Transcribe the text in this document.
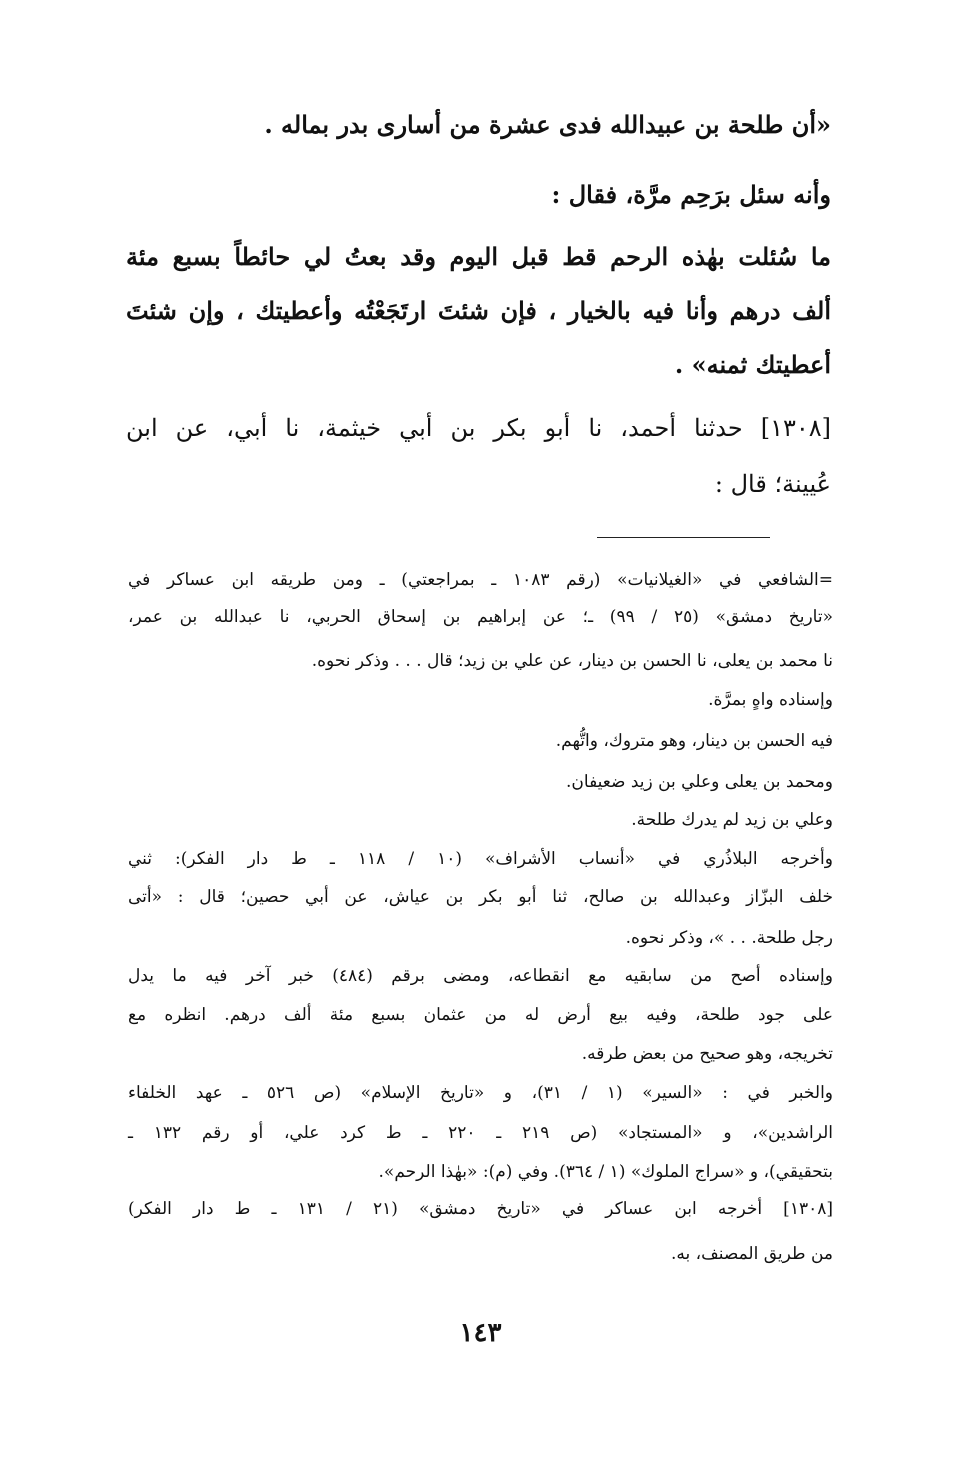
«أن طلحة بن عبيدالله فدى عشرة من أسارى بدر بماله .
وأنه سئل برَحِم مرَّة، فقال :
ما سُئلت بهٰذه الرحم قط قبل اليوم وقد بعتُ لي حائطاً بسبع مئة
ألف درهم وأنا فيه بالخيار ، فإن شئتَ ارتَجَعْتُه وأعطيتك ، وإن شئتَ
أعطيتك ثمنه» .
[١٣٠٨] حدثنا أحمد، نا أبو بكر بن أبي خيثمة، نا أبي، عن ابن
عُيينة؛ قال :
=الشافعي في «الغيلانيات» (رقم ١٠٨٣ ـ بمراجعتي) ـ ومن طريقه ابن عساكر في
«تاريخ دمشق» (٢٥ / ٩٩) ـ؛ عن إبراهيم بن إسحاق الحربي، نا عبدالله بن عمر،
نا محمد بن يعلى، نا الحسن بن دينار، عن علي بن زيد؛ قال . . . وذكر نحوه.
وإسناده واهٍ بمرَّة.
فيه الحسن بن دينار، وهو متروك، واتُّهم.
ومحمد بن يعلى وعلي بن زيد ضعيفان.
وعلي بن زيد لم يدرك طلحة.
وأخرجه البلاذُري في «أنساب الأشراف» (١٠ / ١١٨ ـ ط دار الفكر): ثني
خلف البزّاز وعبدالله بن صالح، ثنا أبو بكر بن عياش، عن أبي حصين؛ قال : «أتى
رجل طلحة. . . »، وذكر نحوه.
وإسناده أصح من سابقيه مع انقطاعه، ومضى برقم (٤٨٤) خبر آخر فيه ما يدل
على جود طلحة، وفيه بيع أرض له من عثمان بسبع مئة ألف درهم. انظره مع
تخريجه، وهو صحيح من بعض طرقه.
والخبر في : «السير» (١ / ٣١)، و «تاريخ الإسلام» (ص ٥٢٦ ـ عهد الخلفاء
الراشدين»، و «المستجاد» (ص ٢١٩ ـ ٢٢٠ ـ ط كرد علي، أو رقم ١٣٢ ـ
بتحقيقي)، و «سراج الملوك» (١ / ٣٦٤). وفي (م): «بهٰذا الرحم».
[١٣٠٨] أخرجه ابن عساكر في «تاريخ دمشق» (٢١ / ١٣١ ـ ط دار الفكر)
من طريق المصنف، به.
١٤٣
